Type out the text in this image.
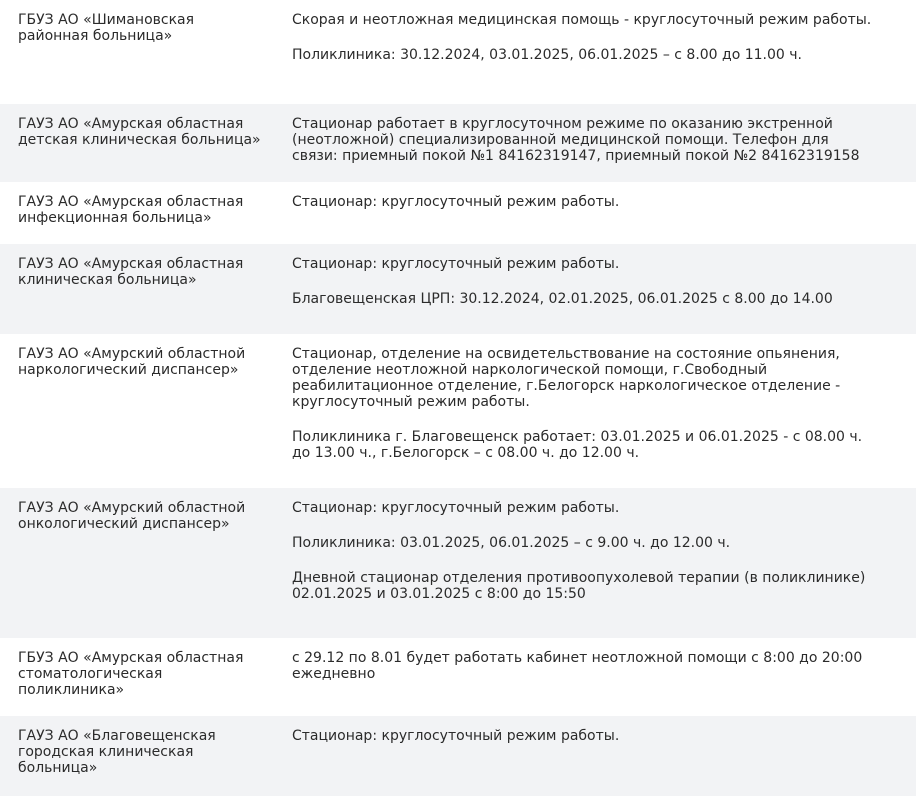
ГБУЗ АО «Шимановская районная больница»
Скорая и неотложная медицинская помощь - круглосуточный режим работы.
Поликлиника: 30.12.2024, 03.01.2025, 06.01.2025 – с 8.00 до 11.00 ч.
ГАУЗ АО «Амурская областная детская клиническая больница»
Стационар работает в круглосуточном режиме по оказанию экстренной (неотложной) специализированной медицинской помощи. Телефон для связи: приемный покой №1 84162319147, приемный покой №2 84162319158
ГАУЗ АО «Амурская областная инфекционная больница»
Стационар: круглосуточный режим работы.
ГАУЗ АО «Амурская областная клиническая больница»
Стационар: круглосуточный режим работы.
Благовещенская ЦРП: 30.12.2024, 02.01.2025, 06.01.2025 с 8.00 до 14.00
ГАУЗ АО «Амурский областной наркологический диспансер»
Стационар, отделение на освидетельствование на состояние опьянения, отделение неотложной наркологической помощи, г.Свободный реабилитационное отделение, г.Белогорск наркологическое отделение - круглосуточный режим работы.
Поликлиника г. Благовещенск работает: 03.01.2025 и 06.01.2025 - с 08.00 ч. до 13.00 ч., г.Белогорск – с 08.00 ч. до 12.00 ч.
ГАУЗ АО «Амурский областной онкологический диспансер»
Стационар: круглосуточный режим работы.
Поликлиника: 03.01.2025, 06.01.2025 – с 9.00 ч. до 12.00 ч.
Дневной стационар отделения противоопухолевой терапии (в поликлинике) 02.01.2025 и 03.01.2025 с 8:00 до 15:50
ГБУЗ АО «Амурская областная стоматологическая поликлиника»
с 29.12 по 8.01 будет работать кабинет неотложной помощи с 8:00 до 20:00 ежедневно
ГАУЗ АО «Благовещенская городская клиническая больница»
Стационар: круглосуточный режим работы.
